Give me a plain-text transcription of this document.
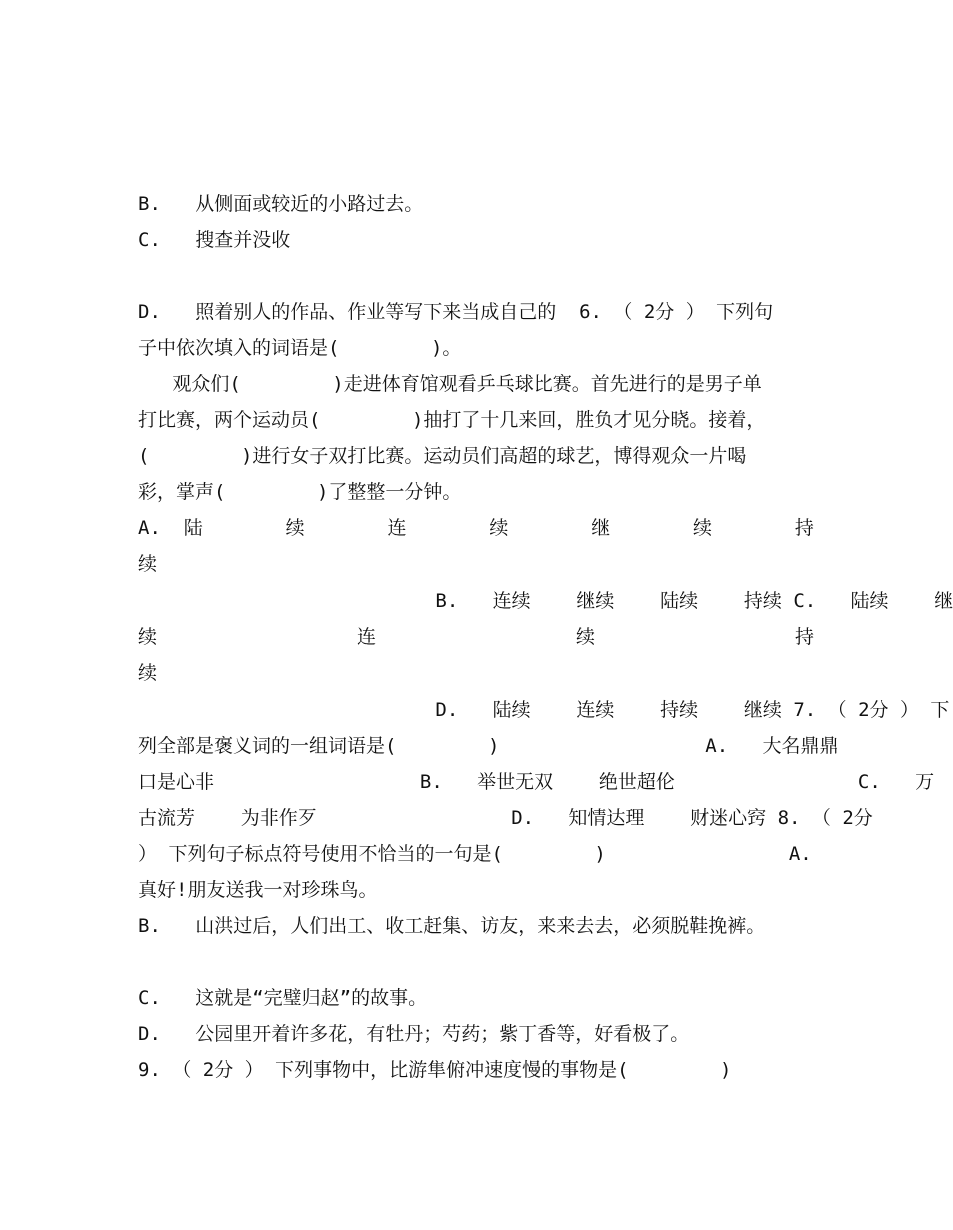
B.   从侧面或较近的小路过去。
C.   搜查并没收
D.   照着别人的作品、作业等写下来当成自己的  6. （ 2分 ） 下列句
子中依次填入的词语是(        )。
观众们(        )走进体育馆观看乒乓球比赛。首先进行的是男子单
打比赛，两个运动员(        )抽打了十几来回，胜负才见分晓。接着，
(        )进行女子双打比赛。运动员们高超的球艺，博得观众一片喝
彩，掌声(        )了整整一分钟。
A.  陆	续	连	续	继	续	持
续
B.   连续    继续    陆续    持续 C.   陆续    继
续	连	续	持
续
D.   陆续    连续    持续    继续 7. （ 2分 ） 下
列全部是褒义词的一组词语是(        )                  A.   大名鼎鼎
口是心非                  B.   举世无双    绝世超伦                C.   万
古流芳    为非作歹                 D.   知情达理    财迷心窍 8. （ 2分
） 下列句子标点符号使用不恰当的一句是(        )                A.
真好!朋友送我一对珍珠鸟。
B.   山洪过后，人们出工、收工赶集、访友，来来去去，必须脱鞋挽裤。
C.   这就是“完璧归赵”的故事。
D.   公园里开着许多花，有牡丹；芍药；紫丁香等，好看极了。
9. （ 2分 ） 下列事物中，比游隼俯冲速度慢的事物是(        )
